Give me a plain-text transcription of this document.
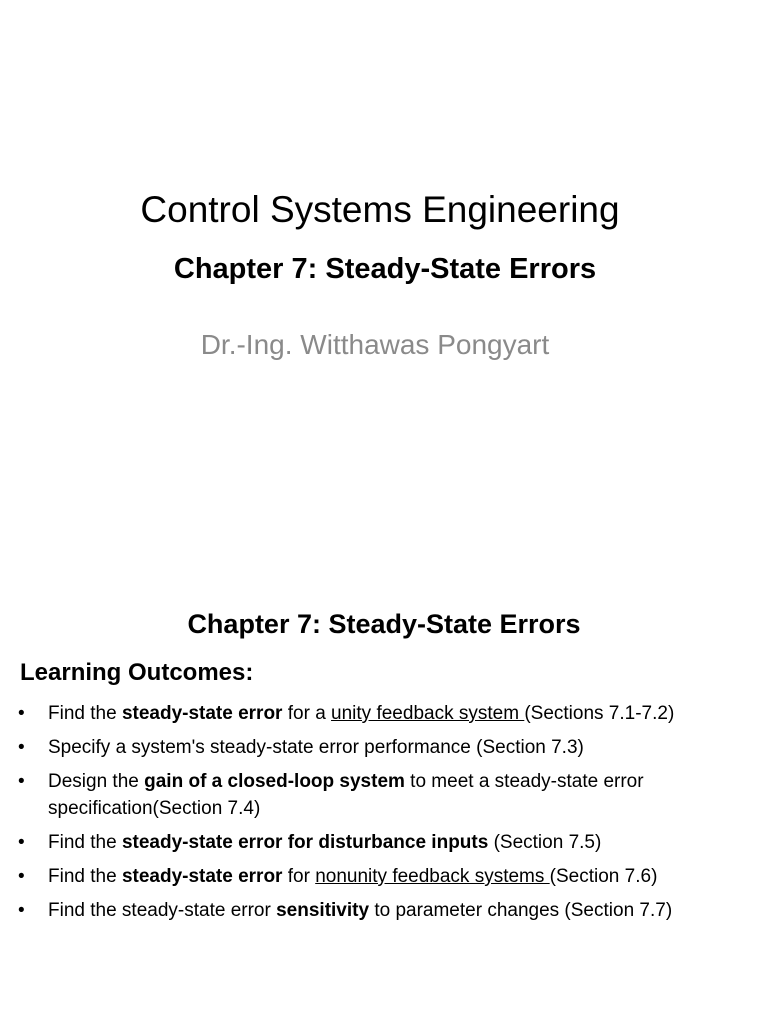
Control Systems Engineering
Chapter 7: Steady-State Errors

Dr.-Ing. Witthawas Pongyart

Chapter 7: Steady-State Errors
Learning Outcomes:
• Find the steady-state error for a unity feedback system (Sections 7.1-7.2)
• Specify a system's steady-state error performance (Section 7.3)
• Design the gain of a closed-loop system to meet a steady-state error specification(Section 7.4)
• Find the steady-state error for disturbance inputs (Section 7.5)
• Find the steady-state error for nonunity feedback systems (Section 7.6)
• Find the steady-state error sensitivity to parameter changes (Section 7.7)
